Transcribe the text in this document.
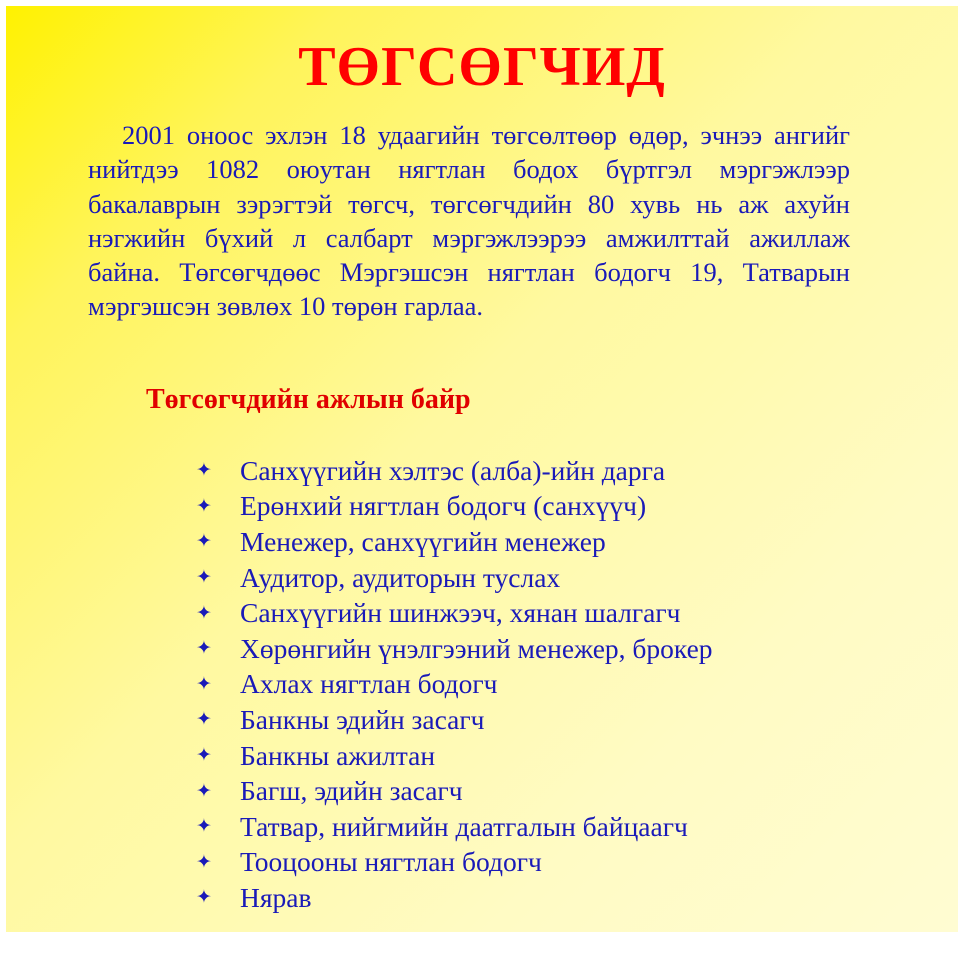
ТӨГСӨГЧИД

2001 оноос эхлэн 18 удаагийн төгсөлтөөр өдөр, эчнээ ангийг нийтдээ 1082 оюутан нягтлан бодох бүртгэл мэргэжлээр бакалаврын зэрэгтэй төгсч, төгсөгчдийн 80 хувь нь аж ахуйн нэгжийн бүхий л салбарт мэргэжлээрээ амжилттай ажиллаж байна. Төгсөгчдөөс Мэргэшсэн нягтлан бодогч 19, Татварын мэргэшсэн зөвлөх 10 төрөн гарлаа.

Төгсөгчдийн ажлын байр
✦	Санхүүгийн хэлтэс (алба)-ийн дарга
✦	Ерөнхий нягтлан бодогч (санхүүч)
✦	Менежер, санхүүгийн менежер
✦	Аудитор, аудиторын туслах
✦	Санхүүгийн шинжээч, хянан шалгагч
✦	Хөрөнгийн үнэлгээний менежер, брокер
✦	Ахлах нягтлан бодогч
✦	Банкны эдийн засагч
✦	Банкны ажилтан
✦	Багш, эдийн засагч
✦	Татвар, нийгмийн даатгалын байцаагч
✦	Тооцооны нягтлан бодогч
✦	Нярав
